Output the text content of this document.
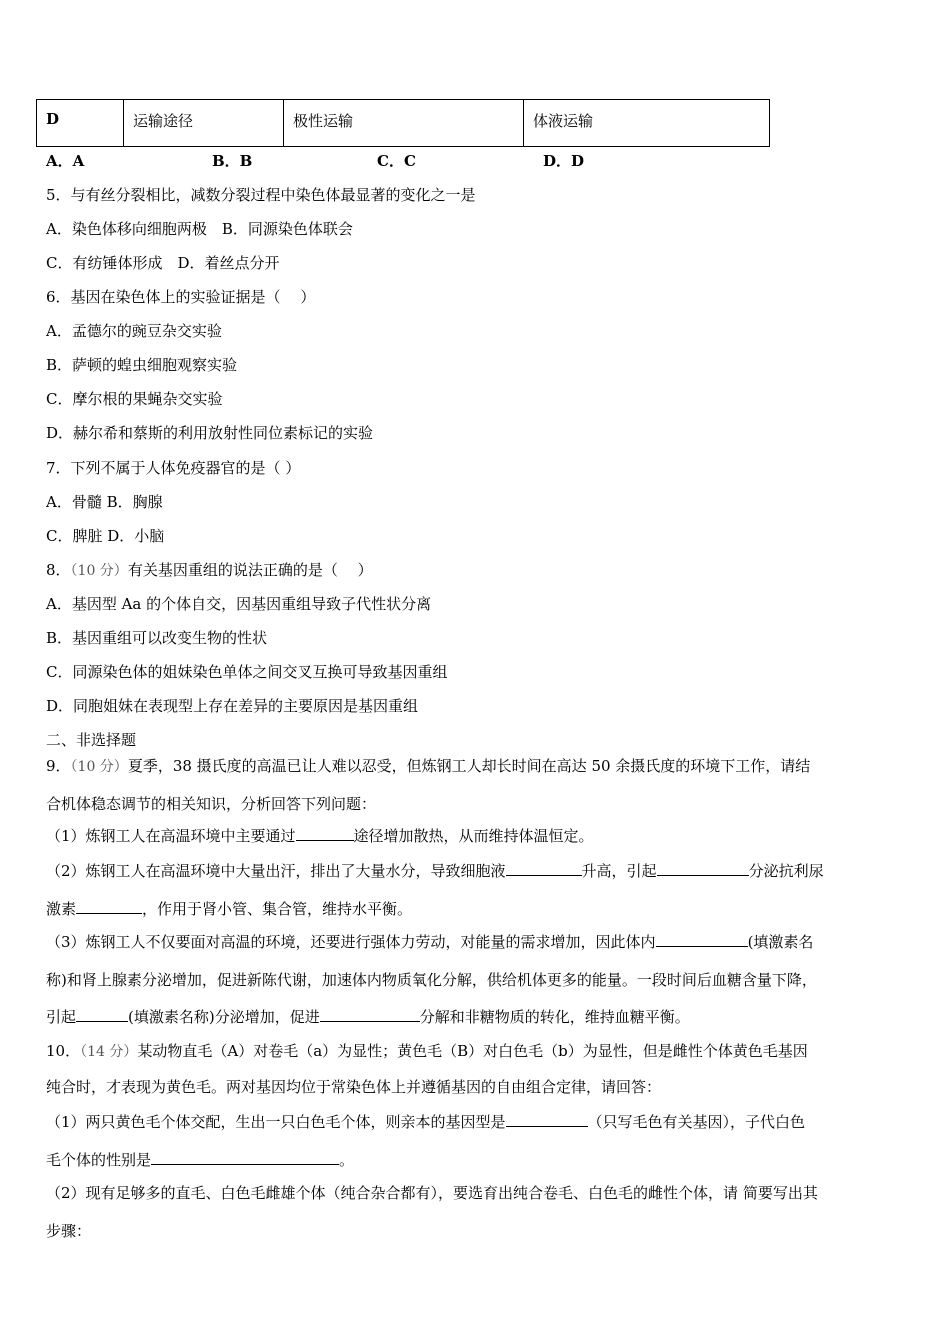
D	运输途径	极性运输	体液运输
A．A	B．B	C．C	D．D
5．与有丝分裂相比，减数分裂过程中染色体最显著的变化之一是
A．染色体移向细胞两极　B．同源染色体联会
C．有纺锤体形成　D．着丝点分开
6．基因在染色体上的实验证据是（　 ）
A．孟德尔的豌豆杂交实验
B．萨顿的蝗虫细胞观察实验
C．摩尔根的果蝇杂交实验
D．赫尔希和蔡斯的利用放射性同位素标记的实验
7．下列不属于人体免疫器官的是（ ）
A．骨髓 B．胸腺
C．脾脏 D．小脑
8．（10 分）有关基因重组的说法正确的是（　 ）
A．基因型 Aa 的个体自交，因基因重组导致子代性状分离
B．基因重组可以改变生物的性状
C．同源染色体的姐妹染色单体之间交叉互换可导致基因重组
D．同胞姐妹在表现型上存在差异的主要原因是基因重组
二、非选择题
9．（10 分）夏季，38 摄氏度的高温已让人难以忍受，但炼钢工人却长时间在高达 50 余摄氏度的环境下工作，请结
合机体稳态调节的相关知识，分析回答下列问题：
（1）炼钢工人在高温环境中主要通过	途径增加散热，从而维持体温恒定。
（2）炼钢工人在高温环境中大量出汗，排出了大量水分，导致细胞液	升高，引起	分泌抗利尿
激素	，作用于肾小管、集合管，维持水平衡。
（3）炼钢工人不仅要面对高温的环境，还要进行强体力劳动，对能量的需求增加，因此体内	(填激素名
称)和肾上腺素分泌增加，促进新陈代谢，加速体内物质氧化分解，供给机体更多的能量。一段时间后血糖含量下降，
引起	(填激素名称)分泌增加，促进	分解和非糖物质的转化，维持血糖平衡。
10．（14 分）某动物直毛（A）对卷毛（a）为显性；黄色毛（B）对白色毛（b）为显性，但是雌性个体黄色毛基因
纯合时，才表现为黄色毛。两对基因均位于常染色体上并遵循基因的自由组合定律，请回答：
（1）两只黄色毛个体交配，生出一只白色毛个体，则亲本的基因型是	（只写毛色有关基因），子代白色
毛个体的性别是	。
（2）现有足够多的直毛、白色毛雌雄个体（纯合杂合都有），要选育出纯合卷毛、白色毛的雌性个体，请 简要写出其
步骤：
